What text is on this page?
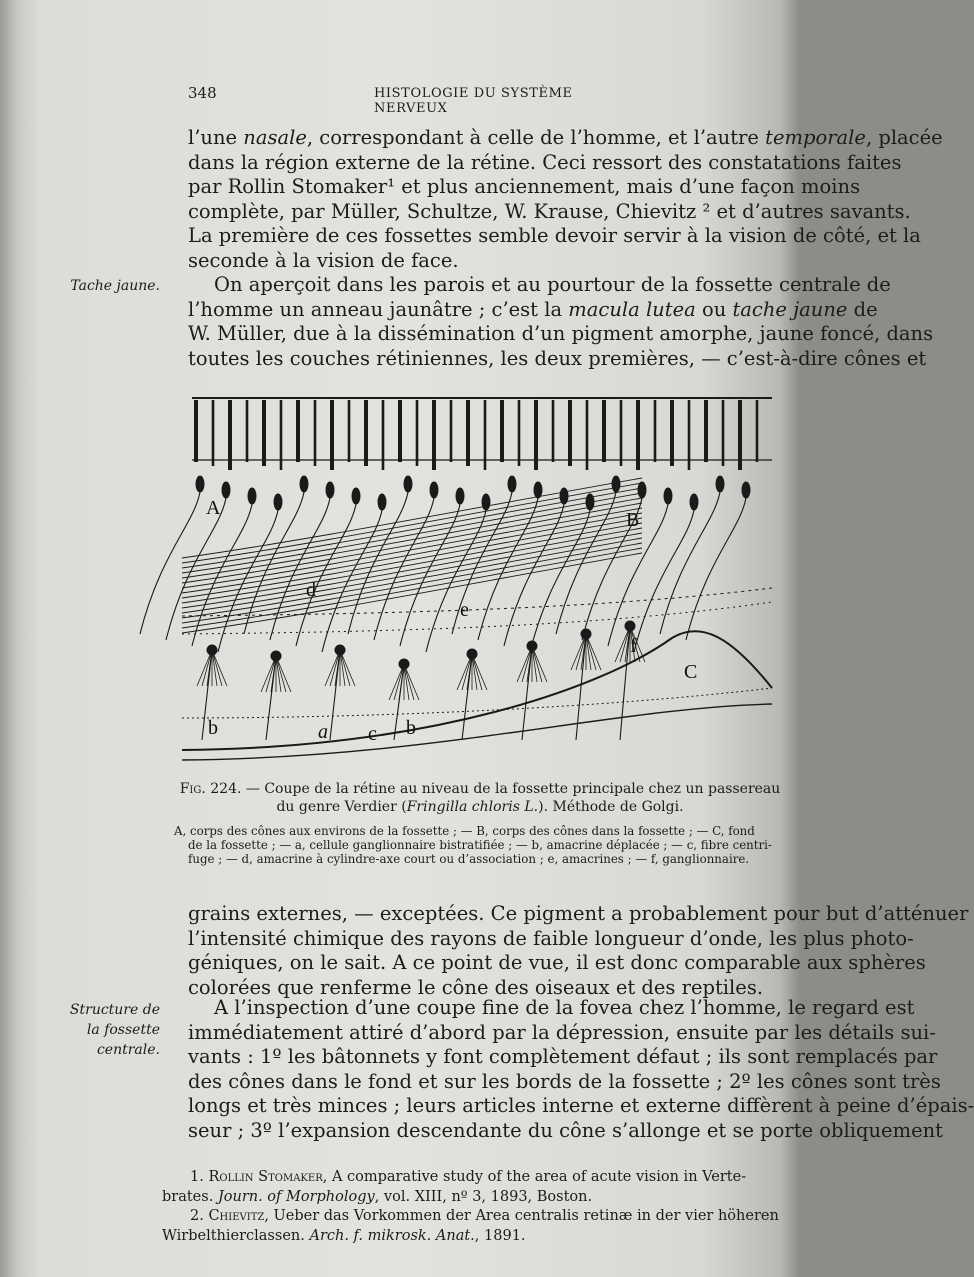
348	HISTOLOGIE DU SYSTÈME NERVEUX

l’une nasale, correspondant à celle de l’homme, et l’autre temporale, placée
dans la région externe de la rétine. Ceci ressort des constatations faites
par Rollin Stomaker¹ et plus anciennement, mais d’une façon moins
complète, par Müller, Schultze, W. Krause, Chievitz ² et d’autres savants.
La première de ces fossettes semble devoir servir à la vision de côté, et la
seconde à la vision de face.

Tache jaune.	On aperçoit dans les parois et au pourtour de la fossette centrale de
l’homme un anneau jaunâtre ; c’est la macula lutea ou tache jaune de
W. Müller, due à la dissémination d’un pigment amorphe, jaune foncé, dans
toutes les couches rétiniennes, les deux premières, — c’est-à-dire cônes et

A
B
C
a
b	b
c
d
e
f

Fig. 224. — Coupe de la rétine au niveau de la fossette principale chez un passereau
du genre Verdier (Fringilla chloris L.). Méthode de Golgi.

A, corps des cônes aux environs de la fossette ; — B, corps des cônes dans la fossette ; — C, fond
de la fossette ; — a, cellule ganglionnaire bistratifiée ; — b, amacrine déplacée ; — c, fibre centri-
fuge ; — d, amacrine à cylindre-axe court ou d’association ; e, amacrines ; — f, ganglionnaire.

grains externes, — exceptées. Ce pigment a probablement pour but d’atténuer
l’intensité chimique des rayons de faible longueur d’onde, les plus photo-
géniques, on le sait. A ce point de vue, il est donc comparable aux sphères
colorées que renferme le cône des oiseaux et des reptiles.

Structure de la fossette centrale.

A l’inspection d’une coupe fine de la fovea chez l’homme, le regard est
immédiatement attiré d’abord par la dépression, ensuite par les détails sui-
vants : 1º les bâtonnets y font complètement défaut ; ils sont remplacés par
des cônes dans le fond et sur les bords de la fossette ; 2º les cônes sont très
longs et très minces ; leurs articles interne et externe diffèrent à peine d’épais-
seur ; 3º l’expansion descendante du cône s’allonge et se porte obliquement

1. Rollin Stomaker, A comparative study of the area of acute vision in Verte-
brates. Journ. of Morphology, vol. XIII, nº 3, 1893, Boston.

2. Chievitz, Ueber das Vorkommen der Area centralis retinæ in der vier höheren
Wirbelthierclassen. Arch. f. mikrosk. Anat., 1891.
